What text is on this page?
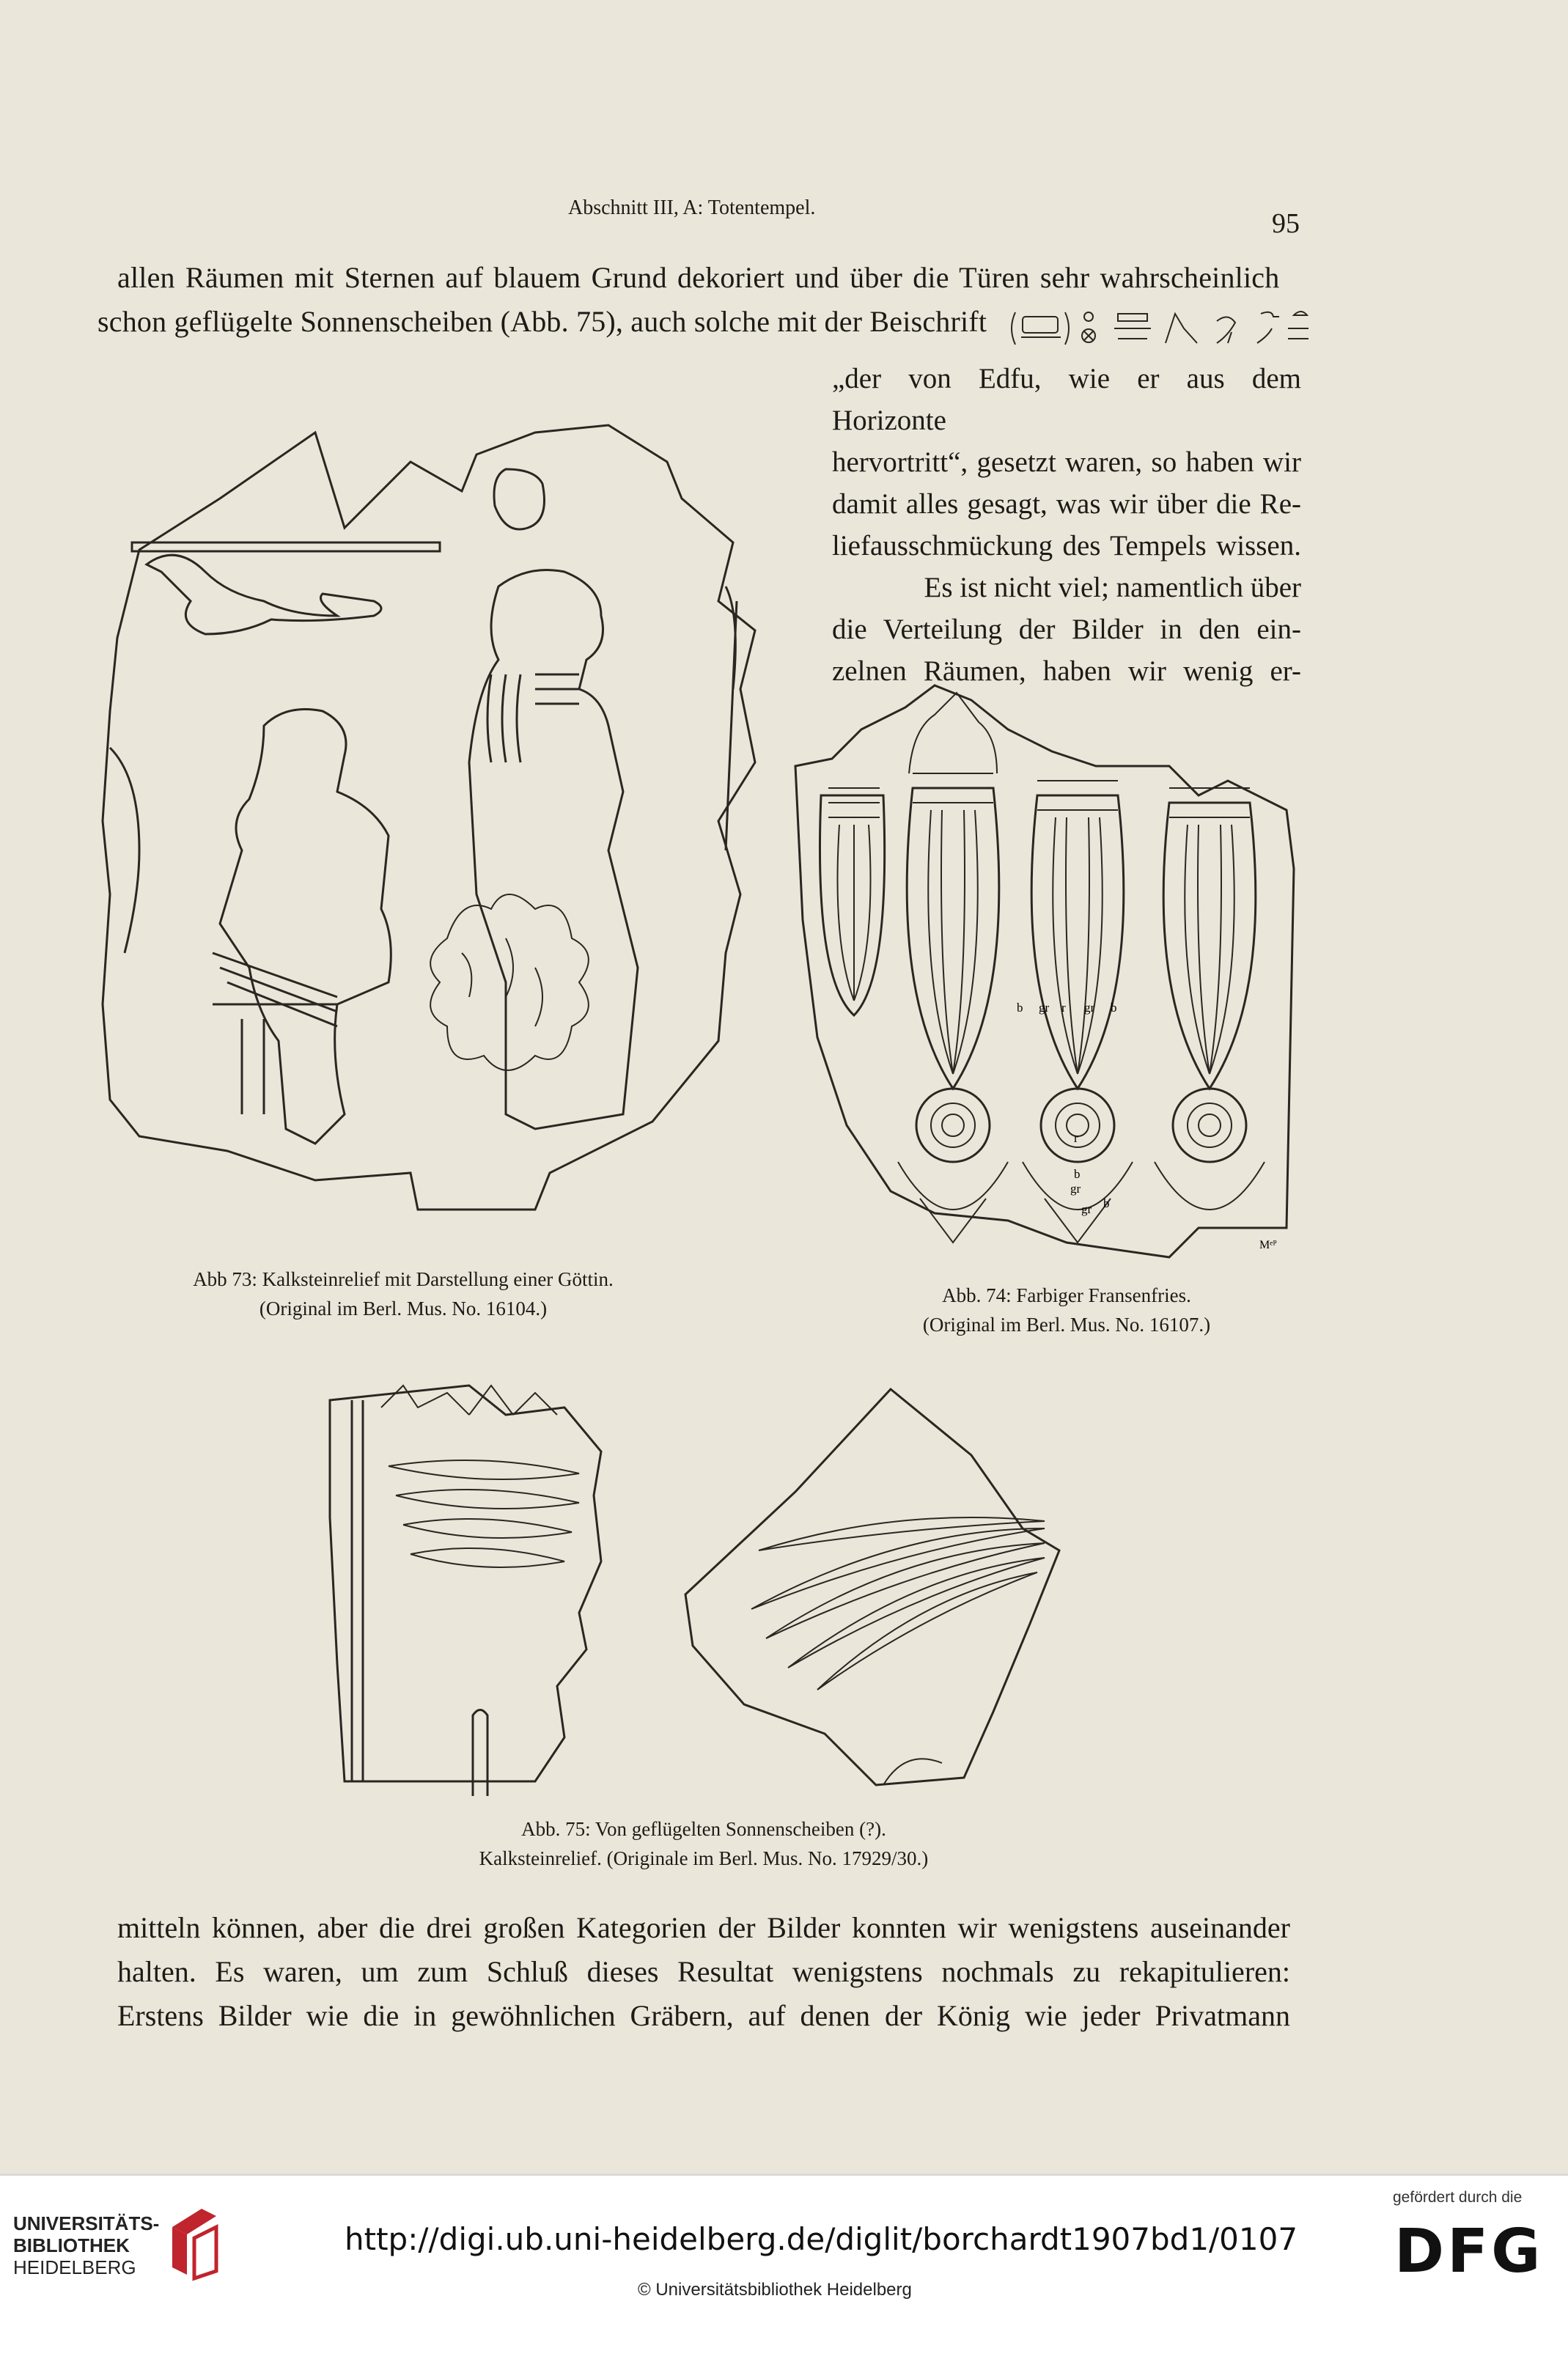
Abschnitt III, A: Totentempel.
95
allen Räumen mit Sternen auf blauem Grund dekoriert und über die Türen sehr wahrscheinlich
schon geflügelte Sonnenscheiben (Abb. 75), auch solche mit der Beischrift
„der von Edfu, wie er aus dem Horizonte
hervortritt“, gesetzt waren, so haben wir
damit alles gesagt, was wir über die Re-
liefausschmückung des Tempels wissen.
Es ist nicht viel; namentlich über
die Verteilung der Bilder in den ein-
zelnen Räumen, haben wir wenig er-
Abb 73: Kalksteinrelief mit Darstellung einer Göttin.
(Original im Berl. Mus. No. 16104.)
b gr r gr b
gr
b
r
gr b
Mᵉᴾ
Abb. 74: Farbiger Fransenfries.
(Original im Berl. Mus. No. 16107.)
Abb. 75: Von geflügelten Sonnenscheiben (?).
Kalksteinrelief. (Originale im Berl. Mus. No. 17929/30.)
mitteln können, aber die drei großen Kategorien der Bilder konnten wir wenigstens auseinander
halten. Es waren, um zum Schluß dieses Resultat wenigstens nochmals zu rekapitulieren:
Erstens Bilder wie die in gewöhnlichen Gräbern, auf denen der König wie jeder Privatmann
UNIVERSITÄTS-
BIBLIOTHEK
HEIDELBERG
http://digi.ub.uni-heidelberg.de/diglit/borchardt1907bd1/0107
© Universitätsbibliothek Heidelberg
gefördert durch die
DFG
